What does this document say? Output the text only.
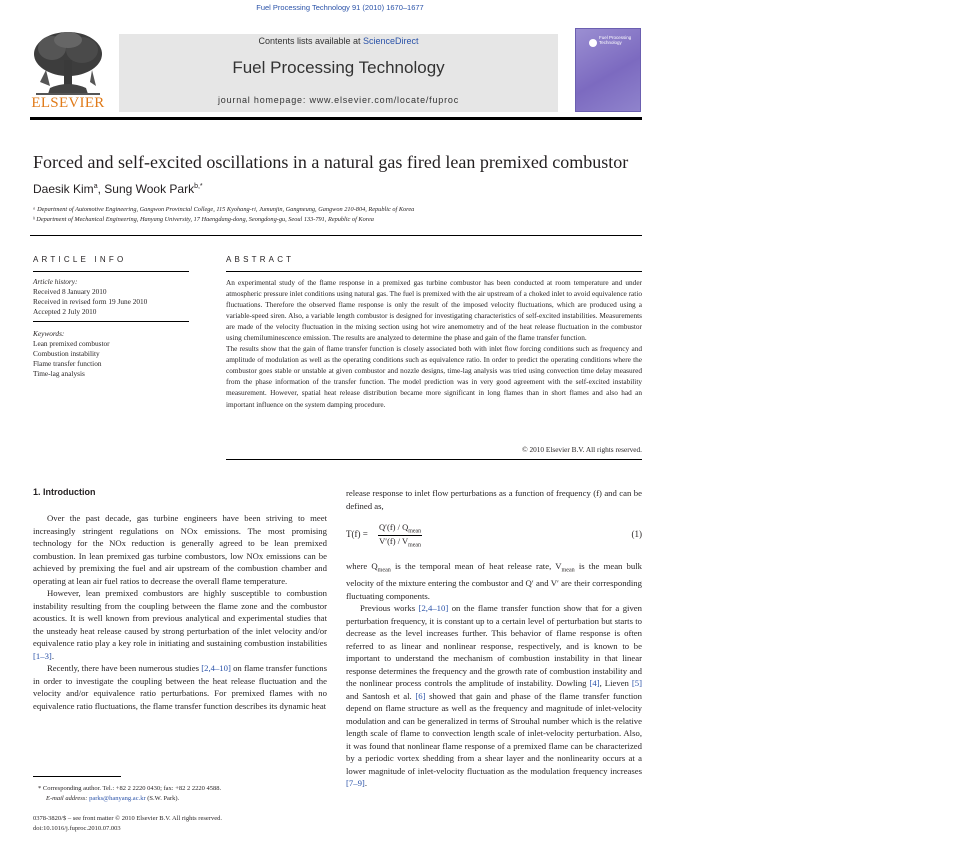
Fuel Processing Technology 91 (2010) 1670–1677
ELSEVIER
Contents lists available at ScienceDirect
Fuel Processing Technology
journal homepage: www.elsevier.com/locate/fuproc
Fuel Processing Technology
Forced and self-excited oscillations in a natural gas fired lean premixed combustor
Daesik Kim$^a$, Sung Wook Park$^{b,*}$
ᵃ Department of Automotive Engineering, Gangwon Provincial College, 115 Kyohang-ri, Jumunjin, Gangneung, Gangwon 210-804, Republic of Korea
ᵇ Department of Mechanical Engineering, Hanyang University, 17 Haengdang-dong, Seongdong-gu, Seoul 133-791, Republic of Korea
ARTICLE INFO
Article history:
Received 8 January 2010
Received in revised form 19 June 2010
Accepted 2 July 2010
Keywords:
Lean premixed combustor
Combustion instability
Flame transfer function
Time-lag analysis
ABSTRACT

An experimental study of the flame response in a premixed gas turbine combustor has been conducted at room temperature and under atmospheric pressure inlet conditions using natural gas. The fuel is premixed with the air upstream of a choked inlet to avoid equivalence ratio fluctuations. Therefore the observed flame response is only the result of the imposed velocity fluctuations, which are produced using a variable-speed siren. Also, a variable length combustor is designed for investigating characteristics of self-excited instabilities. Measurements are made of the velocity fluctuation in the mixing section using hot wire anemometry and of the heat release fluctuation in the combustor using chemiluminescence emission. The results are analyzed to determine the phase and gain of the flame transfer function.

The results show that the gain of flame transfer function is closely associated both with inlet flow forcing conditions such as frequency and amplitude of modulation as well as the operating conditions such as equivalence ratio. In order to predict the operating conditions where the combustor goes stable or unstable at given combustor and nozzle designs, time-lag analysis was tried using convection time delay measured from the phase information of the transfer function. The model prediction was in very good agreement with the self-excited instability measurement. However, spatial heat release distribution became more significant in long flames than in short flames and also had an important influence on the system damping procedure.

© 2010 Elsevier B.V. All rights reserved.
1. Introduction

Over the past decade, gas turbine engineers have been striving to meet increasingly stringent regulations on NOx emissions. The most promising technology for the NOx reduction is generally agreed to be lean premixed combustion. In lean premixed gas turbine combustors, low NOx emissions can be achieved by premixing the fuel and air upstream of the combustion chamber and operating at lean air fuel ratios to decrease the overall flame temperature.

However, lean premixed combustors are highly susceptible to combustion instability resulting from the coupling between the flame zone and the combustor acoustics. It is well known from previous analytical and experimental studies that the unsteady heat release caused by strong perturbation of the inlet velocity and/or equivalence ratio play a key role in initiating and sustaining combustion instabilities [1–3].

Recently, there have been numerous studies [2,4–10] on flame transfer functions in order to investigate the coupling between the heat release fluctuation and the velocity and/or equivalence ratio perturbations. For premixed flames with no equivalence ratio fluctuations, the flame transfer function describes its dynamic heat

release response to inlet flow perturbations as a function of frequency (f) and can be defined as,

T(f) =
$Q'(f) / Q_{mean}$
$V'(f) / V_{mean}$
(1)

where $Q_{mean}$ is the temporal mean of heat release rate, $V_{mean}$ is the mean bulk velocity of the mixture entering the combustor and Q′ and V′ are their corresponding fluctuating components.

Previous works [2,4–10] on the flame transfer function show that for a given perturbation frequency, it is constant up to a certain level of perturbation but starts to decrease as the level increases further. This behavior of flame response is often referred to as linear and nonlinear response, respectively, and is known to be important to understand the mechanism of combustion instability in that linear response determines the frequency and the growth rate of combustion instability and the nonlinear process controls the amplitude of instability. Dowling [4], Lieven [5] and Santosh et al. [6] showed that gain and phase of the flame transfer function depend on flame structure as well as the frequency and magnitude of inlet-velocity modulation and can be generalized in terms of Strouhal number which is the relative length scale of flame to convection length scale of inlet-velocity perturbation. Also, it was found that nonlinear flame response of a premixed flame can be characterized by a periodic vortex shedding from a shear layer and the nonlinearity occurs at a lower magnitude of inlet-velocity fluctuation as the modulation frequency increases [7–9].

* Corresponding author. Tel.: +82 2 2220 0430; fax: +82 2 2220 4588.
E-mail address: parks@hanyang.ac.kr (S.W. Park).
0378-3820/$ – see front matter © 2010 Elsevier B.V. All rights reserved.
doi:10.1016/j.fuproc.2010.07.003
